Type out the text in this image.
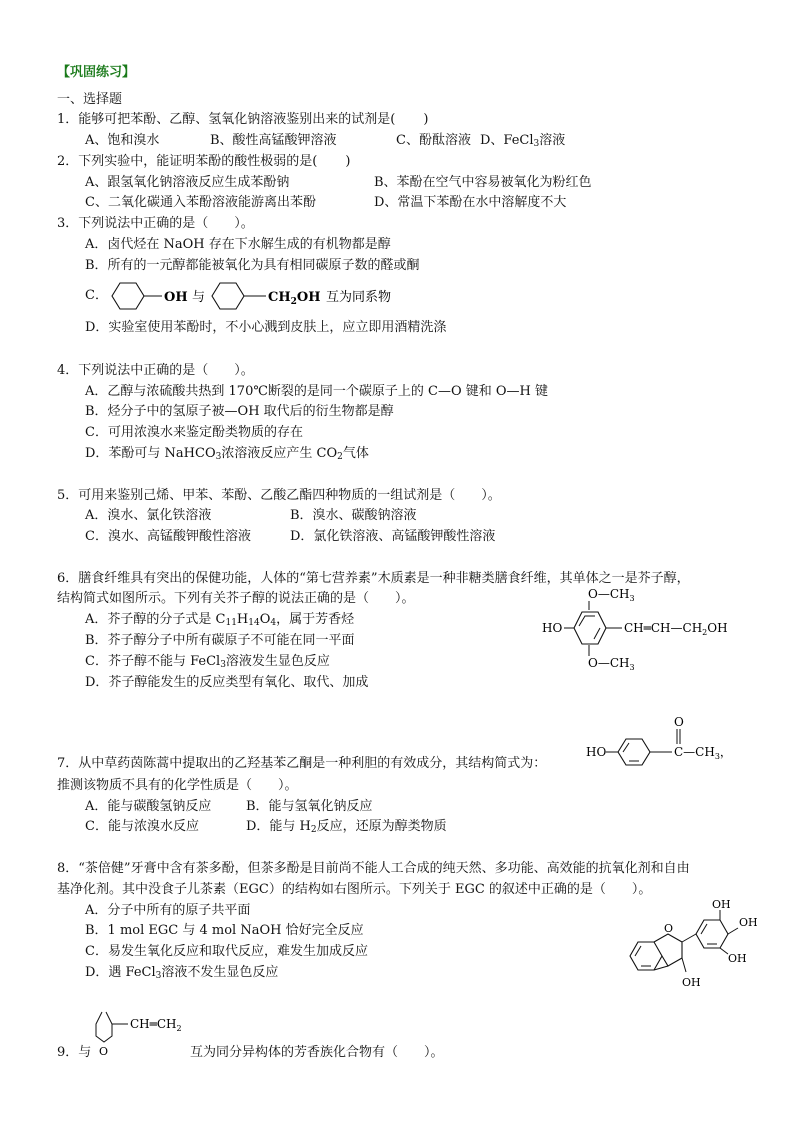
【巩固练习】
一、选择题
1．能够可把苯酚、乙醇、氢氧化钠溶液鉴别出来的试剂是( )
A、饱和溴水	B、酸性高锰酸钾溶液	C、酚酞溶液 D、FeCl$_3$溶液
2．下列实验中，能证明苯酚的酸性极弱的是( )
A、跟氢氧化钠溶液反应生成苯酚钠	B、苯酚在空气中容易被氧化为粉红色
C、二氧化碳通入苯酚溶液能游离出苯酚	D、常温下苯酚在水中溶解度不大
3．下列说法中正确的是（　　）。
A．卤代烃在 NaOH 存在下水解生成的有机物都是醇
B．所有的一元醇都能被氧化为具有相同碳原子数的醛或酮
C．	OH 与	$CH_2OH$ 互为同系物
D．实验室使用苯酚时，不小心溅到皮肤上，应立即用酒精洗涤
4．下列说法中正确的是（　　）。
A．乙醇与浓硫酸共热到 170℃断裂的是同一个碳原子上的 C—O 键和 O—H 键
B．烃分子中的氢原子被—OH 取代后的衍生物都是醇
C．可用浓溴水来鉴定酚类物质的存在
D．苯酚可与 NaHCO$_3$浓溶液反应产生 $CO_2$气体
5．可用来鉴别己烯、甲苯、苯酚、乙酸乙酯四种物质的一组试剂是（　　）。
A．溴水、氯化铁溶液	B．溴水、碳酸钠溶液
C．溴水、高锰酸钾酸性溶液	D．氯化铁溶液、高锰酸钾酸性溶液
6．膳食纤维具有突出的保健功能，人体的“第七营养素”木质素是一种非糖类膳食纤维，其单体之一是芥子醇，
结构简式如图所示。下列有关芥子醇的说法正确的是（　　）。
A．芥子醇的分子式是 $C_{11}H_{14}O_4$，属于芳香烃
B．芥子醇分子中所有碳原子不可能在同一平面
C．芥子醇不能与 FeCl$_3$溶液发生显色反应
D．芥子醇能发生的反应类型有氧化、取代、加成
$O—CH_3$
HO	$CH═CH—CH_2OH$
$O—CH_3$
7．从中草药茵陈蒿中提取出的乙羟基苯乙酮是一种利胆的有效成分，其结构简式为：
HO
O
$C—CH_3$，
推测该物质不具有的化学性质是（　　）。
A．能与碳酸氢钠反应	B．能与氢氧化钠反应
C．能与浓溴水反应	D．能与 $H_2$反应，还原为醇类物质
8．“茶倍健”牙膏中含有茶多酚，但茶多酚是目前尚不能人工合成的纯天然、多功能、高效能的抗氧化剂和自由
基净化剂。其中没食子儿茶素（EGC）的结构如右图所示。下列关于 EGC 的叙述中正确的是（　　）。
A．分子中所有的原子共平面
B．1 mol EGC 与 4 mol NaOH 恰好完全反应
C．易发生氧化反应和取代反应，难发生加成反应
D．遇 FeCl$_3$溶液不发生显色反应
O
OH
OH
OH
OH
9．与
$CH═CH_2$
O	互为同分异构体的芳香族化合物有（　　）。
